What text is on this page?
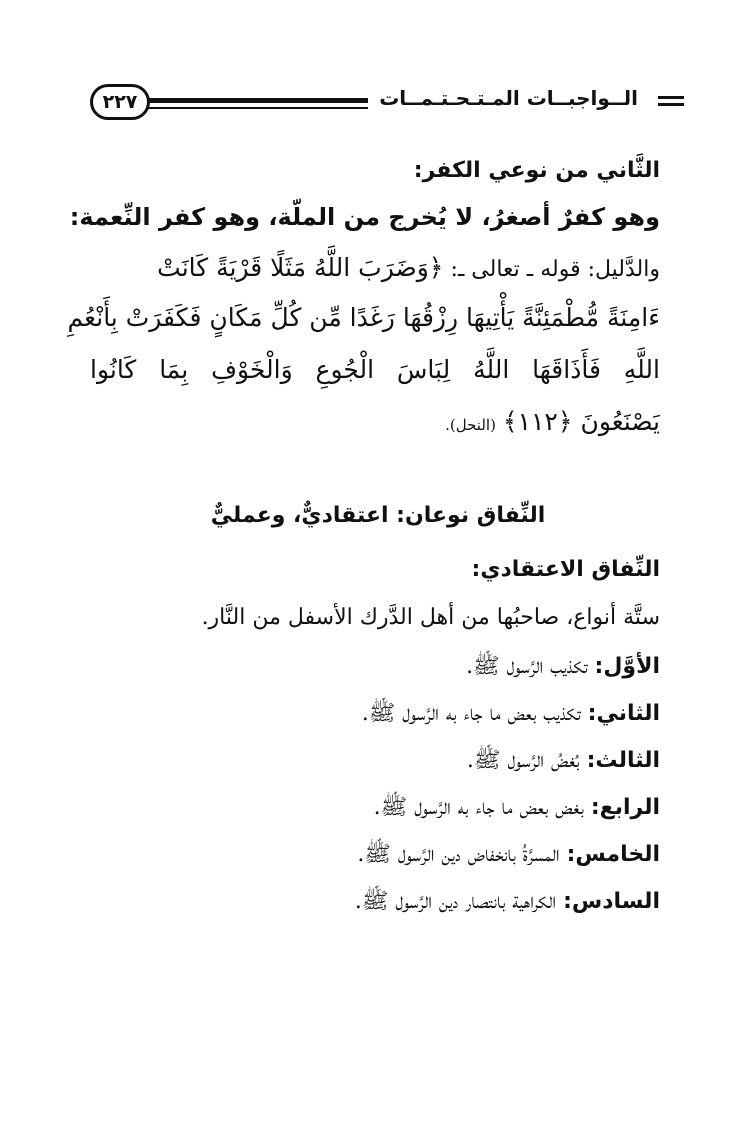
الــواجبــات المـتـحـتـمــات
٢٢٧
الثَّاني من نوعي الكفر:
وهو كفرٌ أصغرُ، لا يُخرج من الملّة، وهو كفر النِّعمة:
والدَّليل: قوله ـ تعالى ـ: ﴿وَضَرَبَ اللَّهُ مَثَلًا قَرْيَةً كَانَتْ
ءَامِنَةً مُّطْمَئِنَّةً يَأْتِيهَا رِزْقُهَا رَغَدًا مِّن كُلِّ مَكَانٍ فَكَفَرَتْ بِأَنْعُمِ
اللَّهِ فَأَذَاقَهَا اللَّهُ لِبَاسَ الْجُوعِ وَالْخَوْفِ بِمَا كَانُوا
يَصْنَعُونَ ﴿١١٢﴾ (النحل).
النِّفاق نوعان: اعتقاديٌّ، وعمليٌّ
النِّفاق الاعتقادي:
ستَّة أنواع، صاحبُها من أهل الدَّرك الأسفل من النَّار.
الأوَّل: تكذيب الرَّسول ﷺ.
الثاني: تكذيب بعض ما جاء به الرَّسول ﷺ.
الثالث: بُغضُ الرَّسول ﷺ.
الرابع: بغض بعض ما جاء به الرَّسول ﷺ.
الخامس: المسرَّةُ بانخفاض دين الرَّسول ﷺ.
السادس: الكراهية بانتصار دين الرَّسول ﷺ.
